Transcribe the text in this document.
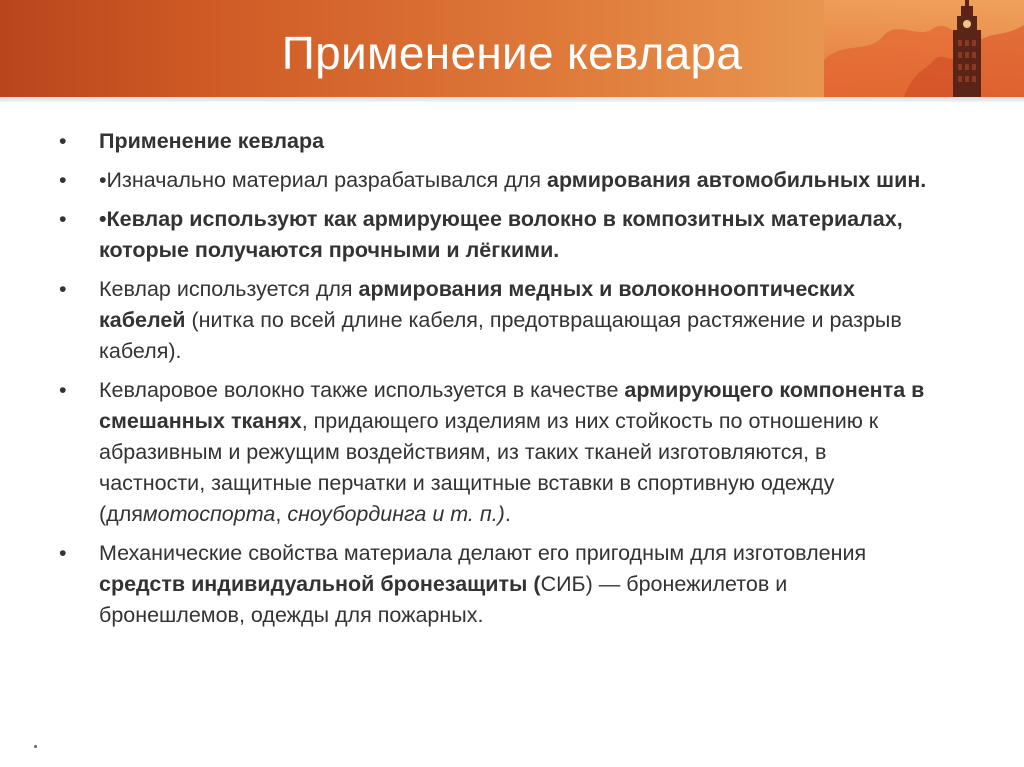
Применение кевлара
•	Применение кевлара
•	•Изначально материал разрабатывался для армирования автомобильных шин.
•	•Кевлар используют как армирующее волокно в композитных материалах, которые получаются прочными и лёгкими.
•	Кевлар используется для армирования медных и волоконнооптических кабелей (нитка по всей длине кабеля, предотвращающая растяжение и разрыв кабеля).
•	Кевларовое волокно также используется в качестве армирующего компонента в смешанных тканях, придающего изделиям из них стойкость по отношению к абразивным и режущим воздействиям, из таких тканей изготовляются, в частности, защитные перчатки и защитные вставки в спортивную одежду (длямотоспорта, сноубординга и т. п.).
•	Механические свойства материала делают его пригодным для изготовления средств индивидуальной бронезащиты (СИБ) — бронежилетов и бронешлемов, одежды для пожарных.
